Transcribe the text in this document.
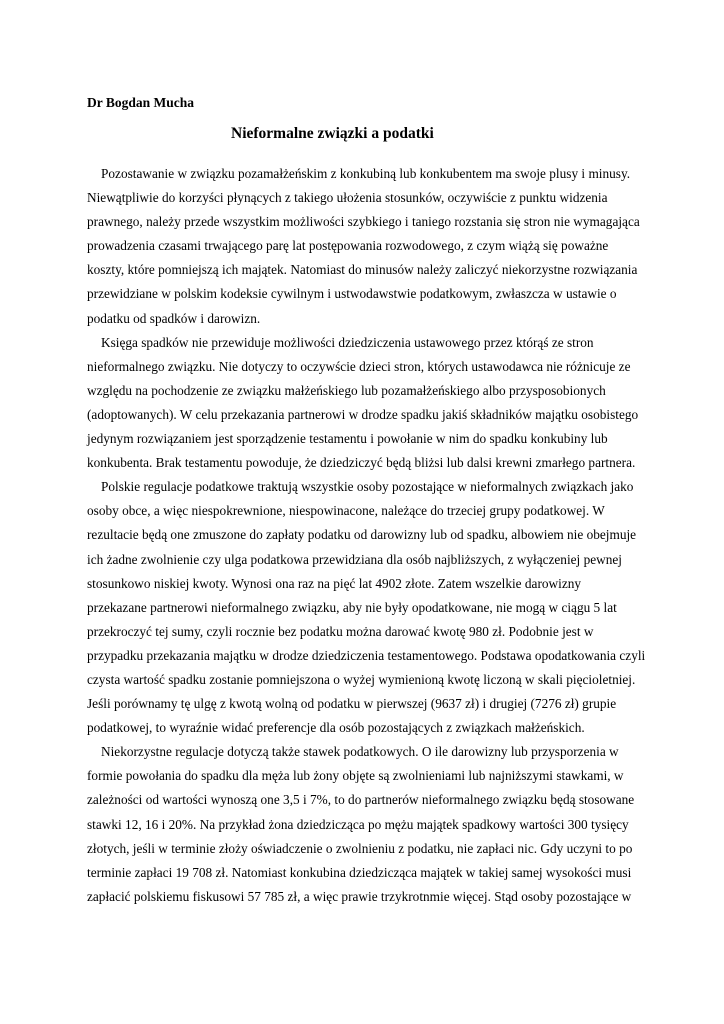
Dr Bogdan Mucha
Nieformalne związki a podatki
Pozostawanie w związku pozamałżeńskim z konkubiną lub konkubentem ma swoje plusy i minusy.
Niewątpliwie do korzyści płynących z takiego ułożenia stosunków, oczywiście z punktu widzenia
prawnego, należy przede wszystkim możliwości szybkiego i taniego rozstania się stron nie wymagająca
prowadzenia czasami trwającego parę lat postępowania rozwodowego, z czym wiążą się poważne
koszty, które pomniejszą ich majątek. Natomiast do minusów należy zaliczyć niekorzystne rozwiązania
przewidziane w polskim kodeksie cywilnym i ustwodawstwie podatkowym, zwłaszcza w ustawie o
podatku od spadków i darowizn.
Księga spadków nie przewiduje możliwości dziedziczenia ustawowego przez którąś ze stron
nieformalnego związku. Nie dotyczy to oczywście dzieci stron, których ustawodawca nie różnicuje ze
względu na pochodzenie ze związku małżeńskiego lub pozamałżeńskiego albo przysposobionych
(adoptowanych). W celu przekazania partnerowi w drodze spadku jakiś składników majątku osobistego
jedynym rozwiązaniem jest sporządzenie testamentu i powołanie w nim do spadku konkubiny lub
konkubenta. Brak testamentu powoduje, że dziedziczyć będą bliżsi lub dalsi krewni zmarłego partnera.
Polskie regulacje podatkowe traktują wszystkie osoby pozostające w nieformalnych związkach jako
osoby obce, a więc niespokrewnione, niespowinacone, należące do trzeciej grupy podatkowej. W
rezultacie będą one zmuszone do zapłaty podatku od darowizny lub od spadku, albowiem nie obejmuje
ich żadne zwolnienie czy ulga podatkowa przewidziana dla osób najbliższych, z wyłączeniej pewnej
stosunkowo niskiej kwoty. Wynosi ona raz na pięć lat 4902 złote. Zatem wszelkie darowizny
przekazane partnerowi nieformalnego związku, aby nie były opodatkowane, nie mogą w ciągu 5 lat
przekroczyć tej sumy, czyli rocznie bez podatku można darować kwotę 980 zł. Podobnie jest w
przypadku przekazania majątku w drodze dziedziczenia testamentowego. Podstawa opodatkowania czyli
czysta wartość spadku zostanie pomniejszona o wyżej wymienioną kwotę liczoną w skali pięcioletniej.
Jeśli porównamy tę ulgę z kwotą wolną od podatku w pierwszej (9637 zł) i drugiej (7276 zł) grupie
podatkowej, to wyraźnie widać preferencje dla osób pozostających z związkach małżeńskich.
Niekorzystne regulacje dotyczą także stawek podatkowych. O ile darowizny lub przysporzenia w
formie powołania do spadku dla męża lub żony objęte są zwolnieniami lub najniższymi stawkami, w
zależności od wartości wynoszą one 3,5 i 7%, to do partnerów nieformalnego związku będą stosowane
stawki 12, 16 i 20%. Na przykład żona dziedzicząca po mężu majątek spadkowy wartości 300 tysięcy
złotych, jeśli w terminie złoży oświadczenie o zwolnieniu z podatku, nie zapłaci nic. Gdy uczyni to po
terminie zapłaci 19 708 zł. Natomiast konkubina dziedzicząca majątek w takiej samej wysokości musi
zapłacić polskiemu fiskusowi 57 785 zł, a więc prawie trzykrotnmie więcej. Stąd osoby pozostające w
